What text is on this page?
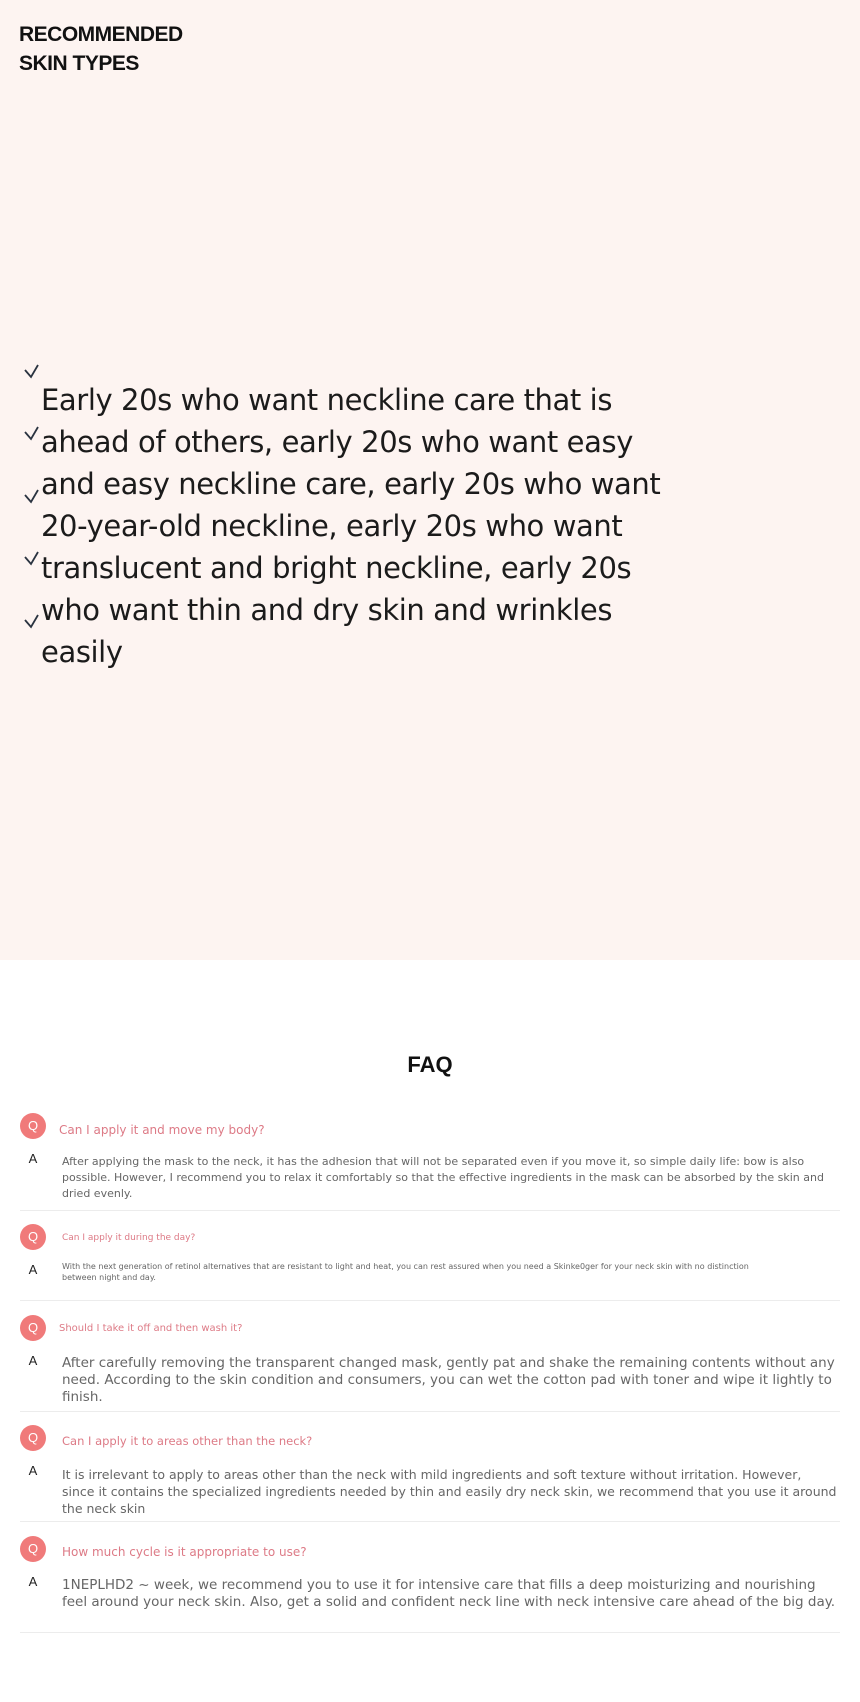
RECOMMENDED
SKIN TYPES

Early 20s who want neckline care that is ahead of others, early 20s who want easy and easy neckline care, early 20s who want 20-year-old neckline, early 20s who want translucent and bright neckline, early 20s who want thin and dry skin and wrinkles easily

FAQ
Q	Can I apply it and move my body?
A	After applying the mask to the neck, it has the adhesion that will not be separated even if you move it, so simple daily life: bow is also possible. However, I recommend you to relax it comfortably so that the effective ingredients in the mask can be absorbed by the skin and dried evenly.
Q	Can I apply it during the day?
A	With the next generation of retinol alternatives that are resistant to light and heat, you can rest assured when you need a Skinke0ger for your neck skin with no distinction between night and day.
Q	Should I take it off and then wash it?
A	After carefully removing the transparent changed mask, gently pat and shake the remaining contents without any need. According to the skin condition and consumers, you can wet the cotton pad with toner and wipe it lightly to finish.
Q	Can I apply it to areas other than the neck?
A	It is irrelevant to apply to areas other than the neck with mild ingredients and soft texture without irritation. However, since it contains the specialized ingredients needed by thin and easily dry neck skin, we recommend that you use it around the neck skin
Q	How much cycle is it appropriate to use?
A	1NEPLHD2 ~ week, we recommend you to use it for intensive care that fills a deep moisturizing and nourishing feel around your neck skin. Also, get a solid and confident neck line with neck intensive care ahead of the big day.
